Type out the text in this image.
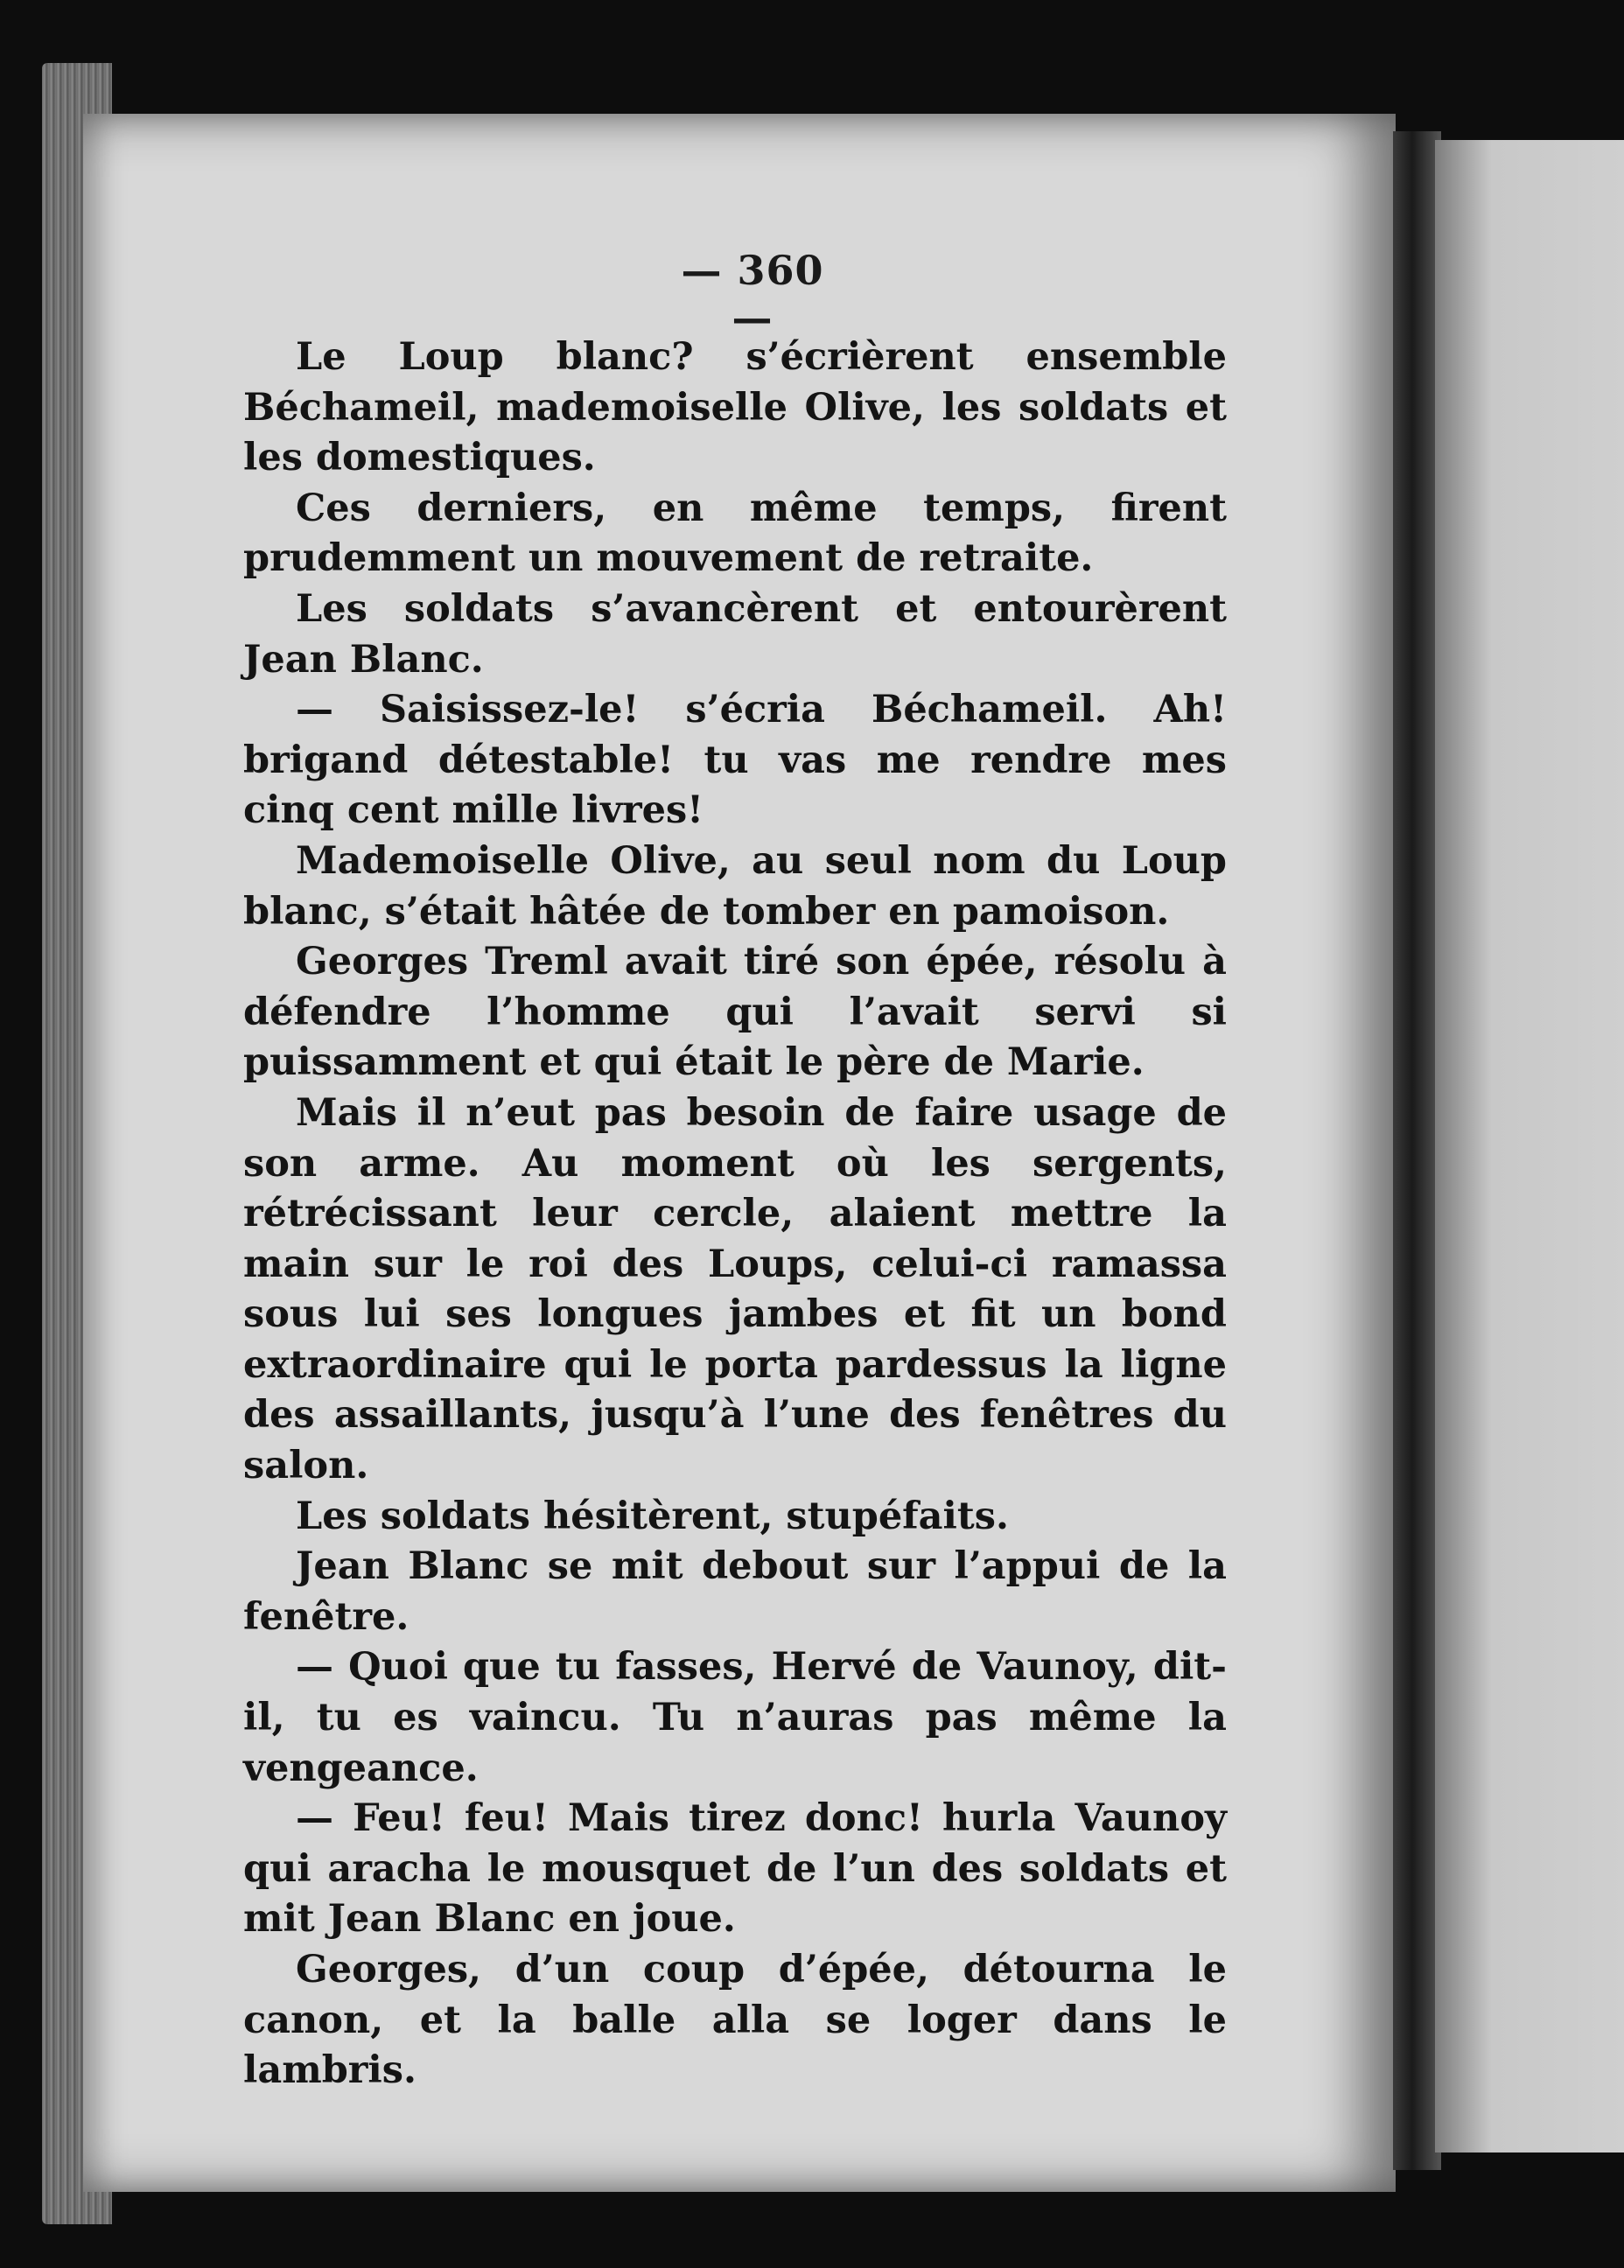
— 360 —

Le Loup blanc? s’écrièrent ensemble Béchameil, mademoiselle Olive, les soldats et les domestiques.

Ces derniers, en même temps, firent prudemment un mouvement de retraite.

Les soldats s’avancèrent et entourèrent Jean Blanc.

— Saisissez-le! s’écria Béchameil. Ah! brigand détestable! tu vas me rendre mes cinq cent mille livres!

Mademoiselle Olive, au seul nom du Loup blanc, s’était hâtée de tomber en pamoison.

Georges Treml avait tiré son épée, résolu à défendre l’homme qui l’avait servi si puissamment et qui était le père de Marie.

Mais il n’eut pas besoin de faire usage de son arme. Au moment où les sergents, rétrécissant leur cercle, alaient mettre la main sur le roi des Loups, celui-ci ramassa sous lui ses longues jambes et fit un bond extraordinaire qui le porta pardessus la ligne des assaillants, jusqu’à l’une des fenêtres du salon.

Les soldats hésitèrent, stupéfaits.

Jean Blanc se mit debout sur l’appui de la fenêtre.

— Quoi que tu fasses, Hervé de Vaunoy, dit-il, tu es vaincu. Tu n’auras pas même la vengeance.

— Feu! feu! Mais tirez donc! hurla Vaunoy qui aracha le mousquet de l’un des soldats et mit Jean Blanc en joue.

Georges, d’un coup d’épée, détourna le canon, et la balle alla se loger dans le lambris.
